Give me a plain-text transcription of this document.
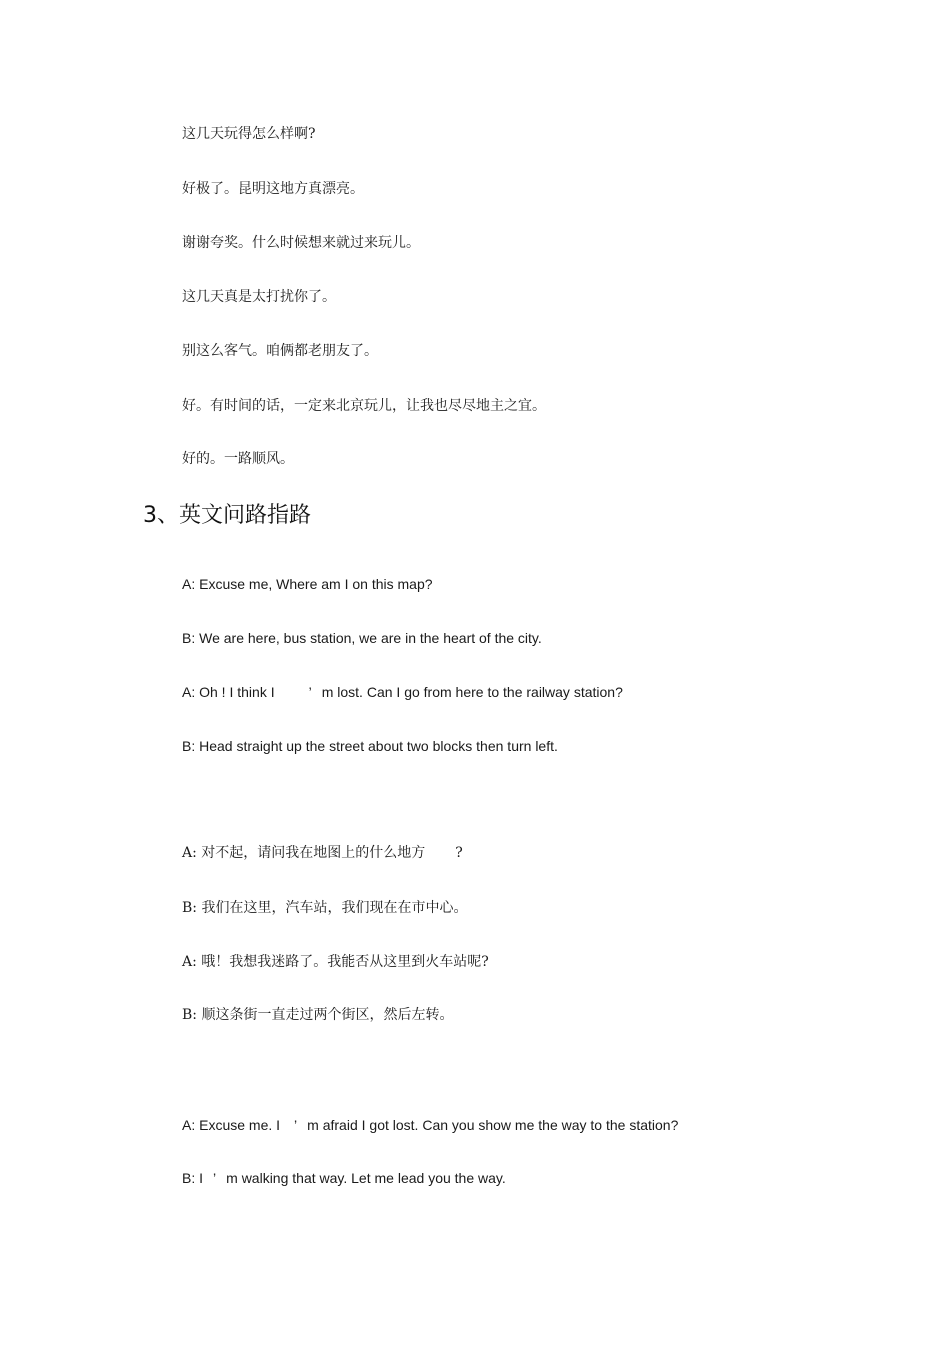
这几天玩得怎么样啊?
好极了。昆明这地方真漂亮。
谢谢夸奖。什么时候想来就过来玩儿。
这几天真是太打扰你了。
别这么客气。咱俩都老朋友了。
好。有时间的话，一定来北京玩儿，让我也尽尽地主之宜。
好的。一路顺风。
3、英文问路指路
A: Excuse me, Where am I on this map?
B: We are here, bus station, we are in the heart of the city.
A: Oh ! I think I ’ m lost. Can I go from here to the railway station?
B: Head straight up the street about two blocks then turn left.
A: 对不起，请问我在地图上的什么地方 ?
B: 我们在这里，汽车站，我们现在在市中心。
A: 哦！我想我迷路了。我能否从这里到火车站呢?
B: 顺这条街一直走过两个街区，然后左转。
A: Excuse me. I ’ m afraid I got lost. Can you show me the way to the station?
B: I ’ m walking that way. Let me lead you the way.
